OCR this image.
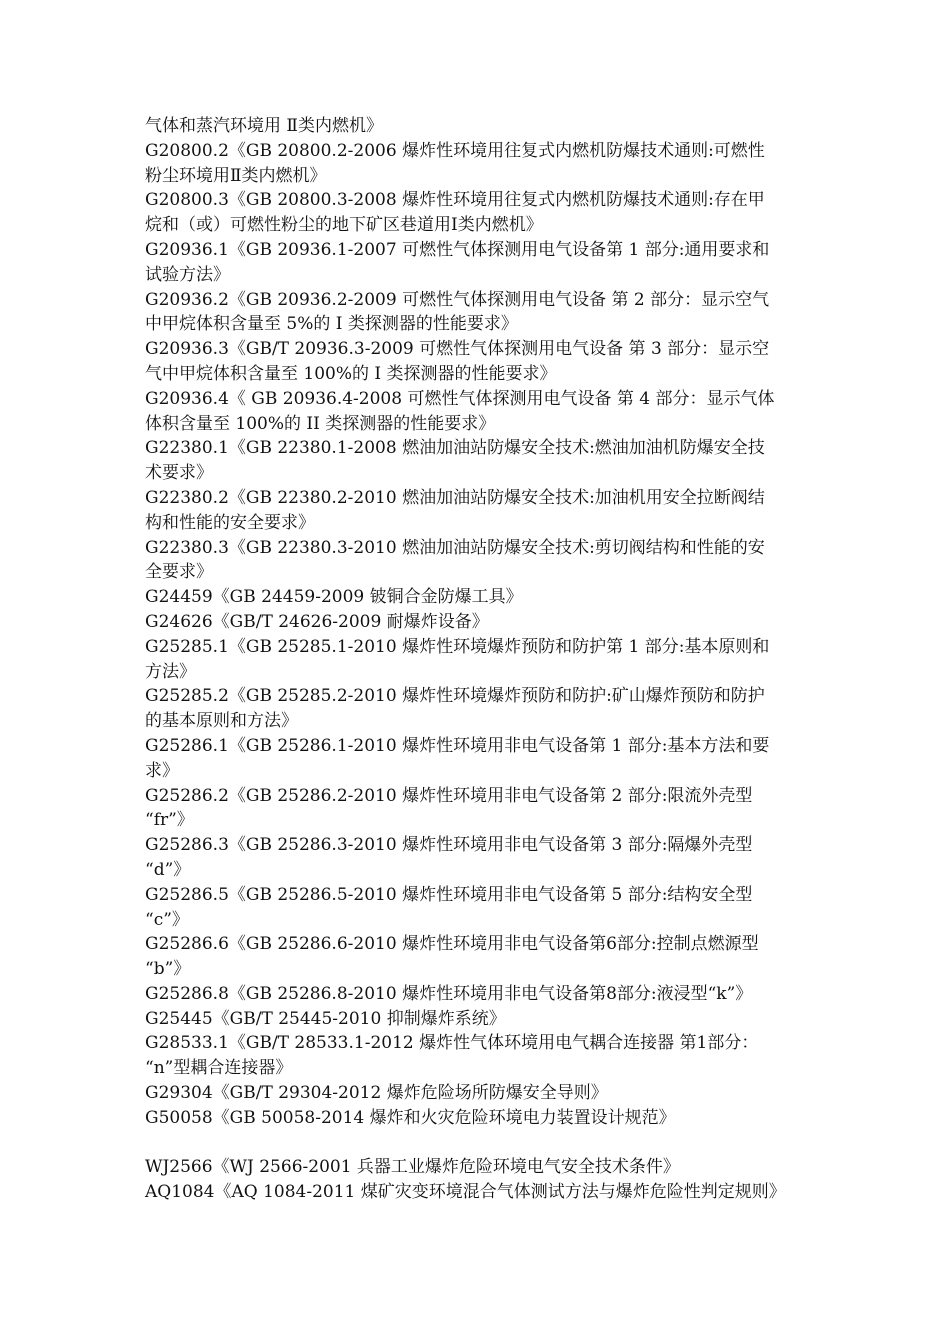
气体和蒸汽环境用 Ⅱ类内燃机》
G20800.2《GB 20800.2-2006 爆炸性环境用往复式内燃机防爆技术通则:可燃性
粉尘环境用Ⅱ类内燃机》
G20800.3《GB 20800.3-2008 爆炸性环境用往复式内燃机防爆技术通则:存在甲
烷和（或）可燃性粉尘的地下矿区巷道用Ⅰ类内燃机》
G20936.1《GB 20936.1-2007 可燃性气体探测用电气设备第 1 部分:通用要求和
试验方法》
G20936.2《GB 20936.2-2009 可燃性气体探测用电气设备 第 2 部分：显示空气
中甲烷体积含量至 5%的 I 类探测器的性能要求》
G20936.3《GB/T 20936.3-2009 可燃性气体探测用电气设备 第 3 部分：显示空
气中甲烷体积含量至 100%的 I 类探测器的性能要求》
G20936.4《 GB 20936.4-2008 可燃性气体探测用电气设备 第 4 部分：显示气体
体积含量至 100%的 II 类探测器的性能要求》
G22380.1《GB 22380.1-2008 燃油加油站防爆安全技术:燃油加油机防爆安全技
术要求》
G22380.2《GB 22380.2-2010 燃油加油站防爆安全技术:加油机用安全拉断阀结
构和性能的安全要求》
G22380.3《GB 22380.3-2010 燃油加油站防爆安全技术:剪切阀结构和性能的安
全要求》
G24459《GB 24459-2009 铍铜合金防爆工具》
G24626《GB/T 24626-2009 耐爆炸设备》
G25285.1《GB 25285.1-2010 爆炸性环境爆炸预防和防护第 1 部分:基本原则和
方法》
G25285.2《GB 25285.2-2010 爆炸性环境爆炸预防和防护:矿山爆炸预防和防护
的基本原则和方法》
G25286.1《GB 25286.1-2010 爆炸性环境用非电气设备第 1 部分:基本方法和要
求》
G25286.2《GB 25286.2-2010 爆炸性环境用非电气设备第 2 部分:限流外壳型
“fr”》
G25286.3《GB 25286.3-2010 爆炸性环境用非电气设备第 3 部分:隔爆外壳型
“d”》
G25286.5《GB 25286.5-2010 爆炸性环境用非电气设备第 5 部分:结构安全型
“c”》
G25286.6《GB 25286.6-2010 爆炸性环境用非电气设备第6部分:控制点燃源型
“b”》
G25286.8《GB 25286.8-2010 爆炸性环境用非电气设备第8部分:液浸型“k”》
G25445《GB/T 25445-2010 抑制爆炸系统》
G28533.1《GB/T 28533.1-2012 爆炸性气体环境用电气耦合连接器 第1部分：
“n”型耦合连接器》
G29304《GB/T 29304-2012 爆炸危险场所防爆安全导则》
G50058《GB 50058-2014 爆炸和火灾危险环境电力装置设计规范》
WJ2566《WJ 2566-2001 兵器工业爆炸危险环境电气安全技术条件》
AQ1084《AQ 1084-2011 煤矿灾变环境混合气体测试方法与爆炸危险性判定规则》
